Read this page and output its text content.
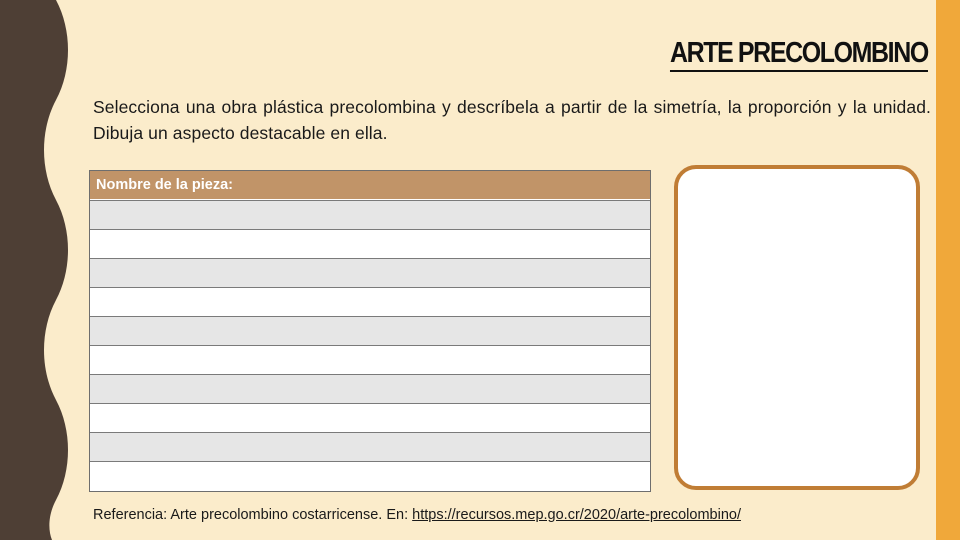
ARTE PRECOLOMBINO
Selecciona una obra plástica precolombina y descríbela a partir de la simetría, la proporción y la unidad. Dibuja un aspecto destacable en ella.
Nombre de la pieza:
Referencia: Arte precolombino costarricense. En: https://recursos.mep.go.cr/2020/arte-precolombino/
